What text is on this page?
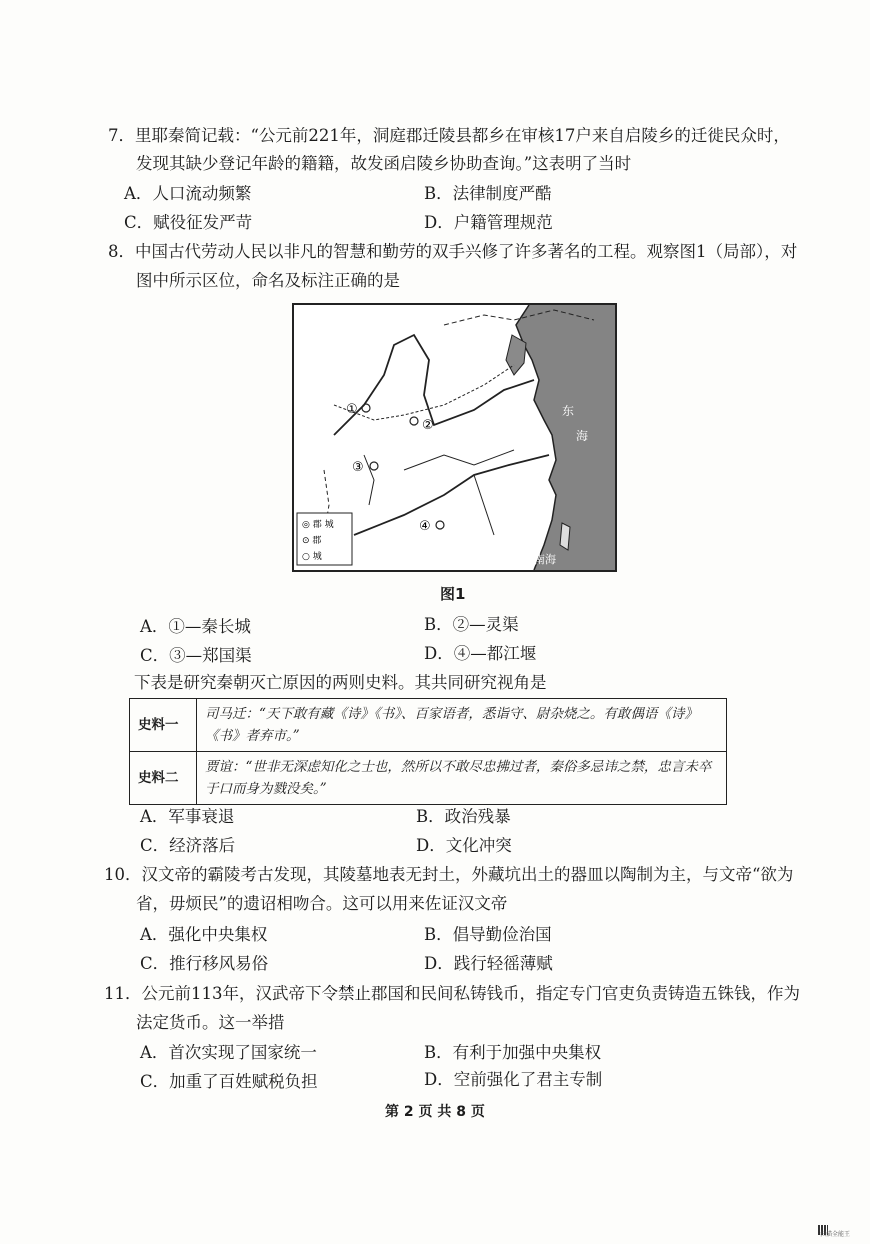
7．里耶秦简记载：“公元前221年，洞庭郡迁陵县都乡在审核17户来自启陵乡的迁徙民众时，
发现其缺少登记年龄的籍籍，故发函启陵乡协助查询。”这表明了当时
A．人口流动频繁	B．法律制度严酷
C．赋役征发严苛	D．户籍管理规范
8．中国古代劳动人民以非凡的智慧和勤劳的双手兴修了许多著名的工程。观察图1（局部），对
图中所示区位，命名及标注正确的是
①
②
③
④
东
海
南海
◎ 郡 城
⊙ 郡
○ 城
图1
A．①—秦长城	B．②—灵渠
C．③—郑国渠	D．④—都江堰
下表是研究秦朝灭亡原因的两则史料。其共同研究视角是
史料一	司马迁：“天下敢有藏《诗》《书》、百家语者，悉诣守、尉杂烧之。有敢偶语《诗》《书》者弃市。”
史料二	贾谊：“世非无深虑知化之士也，然所以不敢尽忠拂过者，秦俗多忌讳之禁，忠言未卒于口而身为戮没矣。”
A．军事衰退	B．政治残暴
C．经济落后	D．文化冲突
10．汉文帝的霸陵考古发现，其陵墓地表无封土，外藏坑出土的器皿以陶制为主，与文帝“欲为
省，毋烦民”的遗诏相吻合。这可以用来佐证汉文帝
A．强化中央集权	B．倡导勤俭治国
C．推行移风易俗	D．践行轻徭薄赋
11．公元前113年，汉武帝下令禁止郡国和民间私铸钱币，指定专门官吏负责铸造五铢钱，作为
法定货币。这一举措
A．首次实现了国家统一	B．有利于加强中央集权
C．加重了百姓赋税负担	D．空前强化了君主专制
第 2 页 共 8 页
扫描全能王
